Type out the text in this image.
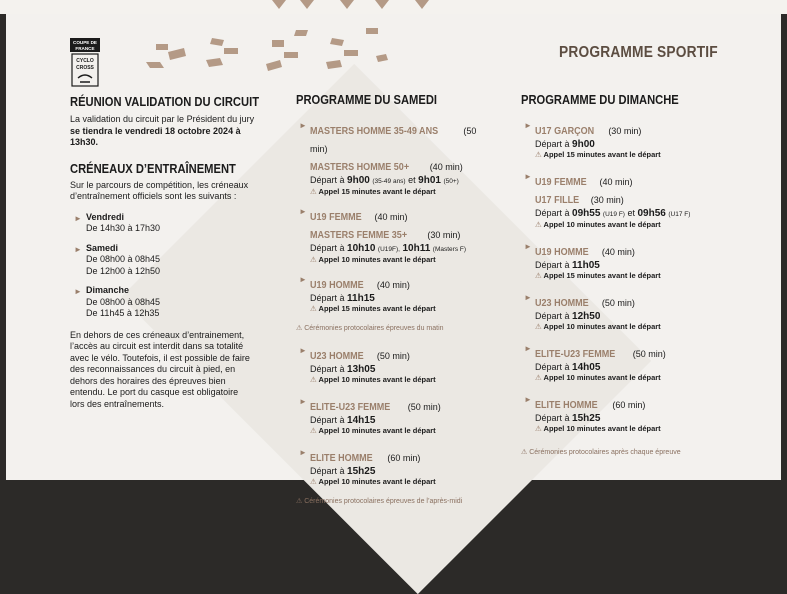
COUPE DE
FRANCE
CYCLO
CROSS
PROGRAMME SPORTIF
RÉUNION VALIDATION DU CIRCUIT
La validation du circuit par le Président du jury
se tiendra le vendredi 18 octobre 2024 à
13h30.
CRÉNEAUX D’ENTRAÎNEMENT
Sur le parcours de compétition, les créneaux
d’entraînement officiels sont les suivants :
► Vendredi
De 14h30 à 17h30
► Samedi
De 08h00 à 08h45
De 12h00 à 12h50
► Dimanche
De 08h00 à 08h45
De 11h45 à 12h35
En dehors de ces créneaux d’entrainement,
l’accès au circuit est interdit dans sa totalité
avec le vélo. Toutefois, il est possible de faire
des reconnaissances du circuit à pied, en
dehors des horaires des épreuves bien
entendu. Le port du casque est obligatoire
lors des entraînements.
PROGRAMME DU SAMEDI
► MASTERS HOMME 35-49 ANS	(50 min)
MASTERS HOMME 50+ (40 min)
Départ à 9h00 (35-49 ans) et 9h01 (50+)
⚠ Appel 15 minutes avant le départ
► U19 FEMME (40 min)
MASTERS FEMME 35+ (30 min)
Départ à 10h10 (U19F), 10h11 (Masters F)
⚠ Appel 10 minutes avant le départ
► U19 HOMME (40 min)
Départ à 11h15
⚠ Appel 15 minutes avant le départ
⚠ Cérémonies protocolaires épreuves du matin
► U23 HOMME (50 min)
Départ à 13h05
⚠ Appel 10 minutes avant le départ
► ELITE-U23 FEMME (50 min)
Départ à 14h15
⚠ Appel 10 minutes avant le départ
► ELITE HOMME (60 min)
Départ à 15h25
⚠ Appel 10 minutes avant le départ
⚠ Cérémonies protocolaires épreuves de l’après-midi
PROGRAMME DU DIMANCHE
► U17 GARÇON (30 min)
Départ à 9h00
⚠ Appel 15 minutes avant le départ
► U19 FEMME (40 min)
U17 FILLE (30 min)
Départ à 09h55 (U19 F) et 09h56 (U17 F)
⚠ Appel 10 minutes avant le départ
► U19 HOMME (40 min)
Départ à 11h05
⚠ Appel 15 minutes avant le départ
► U23 HOMME (50 min)
Départ à 12h50
⚠ Appel 10 minutes avant le départ
► ELITE-U23 FEMME (50 min)
Départ à 14h05
⚠ Appel 10 minutes avant le départ
► ELITE HOMME (60 min)
Départ à 15h25
⚠ Appel 10 minutes avant le départ
⚠ Cérémonies protocolaires après chaque épreuve
